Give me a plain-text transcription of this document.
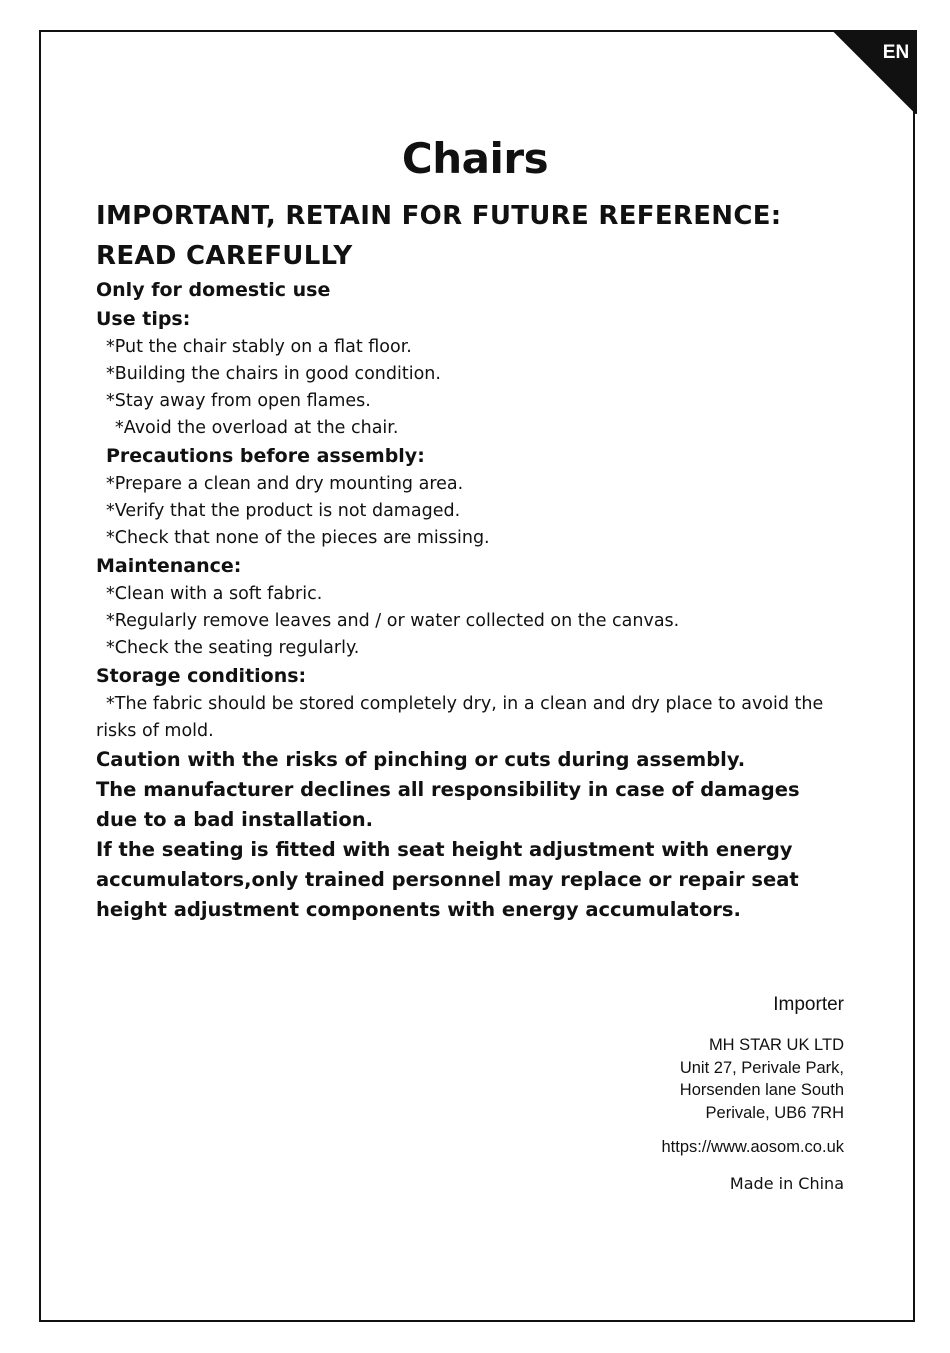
EN
Chairs

IMPORTANT, RETAIN FOR FUTURE REFERENCE:

READ CAREFULLY

Only for domestic use

Use tips:

*Put the chair stably on a flat floor.

*Building the chairs in good condition.

*Stay away from open flames.

*Avoid the overload at the chair.

Precautions before assembly:

*Prepare a clean and dry mounting area.

*Verify that the product is not damaged.

*Check that none of the pieces are missing.

Maintenance:

*Clean with a soft fabric.

*Regularly remove leaves and / or water collected on the canvas.

*Check the seating regularly.

Storage conditions:

*The fabric should be stored completely dry, in a clean and dry place to avoid the risks of mold.

Caution with the risks of pinching or cuts during assembly.

The manufacturer declines all responsibility in case of damages due to a bad installation.

If the seating is fitted with seat height adjustment with energy accumulators,only trained personnel may replace or repair seat height adjustment components with energy accumulators.

Importer

MH STAR UK LTD

Unit 27, Perivale Park,

Horsenden lane South

Perivale, UB6 7RH

https://www.aosom.co.uk

Made in China
